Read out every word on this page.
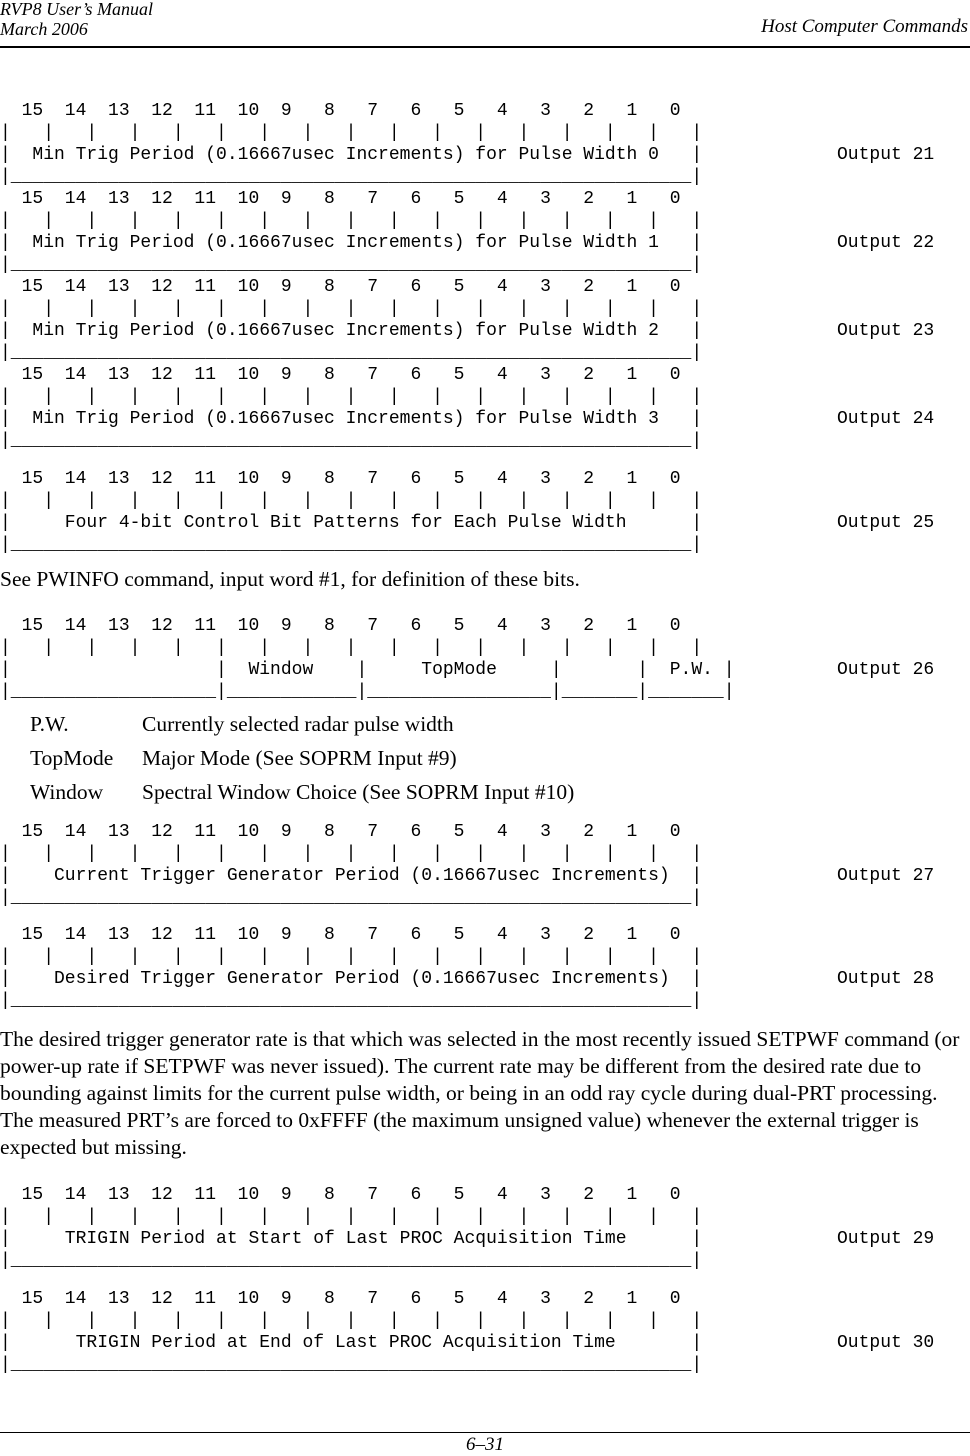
RVP8 User’s Manual
March 2006	Host Computer Commands
15  14  13  12  11  10  9   8   7   6   5   4   3   2   1   0
|   |   |   |   |   |   |   |   |   |   |   |   |   |   |   |   |
|  Min Trig Period (0.16667usec Increments) for Pulse Width 0   |
|_______________________________________________________________|
Output 21
15  14  13  12  11  10  9   8   7   6   5   4   3   2   1   0
|   |   |   |   |   |   |   |   |   |   |   |   |   |   |   |   |
|  Min Trig Period (0.16667usec Increments) for Pulse Width 1   |
|_______________________________________________________________|
Output 22
15  14  13  12  11  10  9   8   7   6   5   4   3   2   1   0
|   |   |   |   |   |   |   |   |   |   |   |   |   |   |   |   |
|  Min Trig Period (0.16667usec Increments) for Pulse Width 2   |
|_______________________________________________________________|
Output 23
15  14  13  12  11  10  9   8   7   6   5   4   3   2   1   0
|   |   |   |   |   |   |   |   |   |   |   |   |   |   |   |   |
|  Min Trig Period (0.16667usec Increments) for Pulse Width 3   |
|_______________________________________________________________|
Output 24
15  14  13  12  11  10  9   8   7   6   5   4   3   2   1   0
|   |   |   |   |   |   |   |   |   |   |   |   |   |   |   |   |
|     Four 4-bit Control Bit Patterns for Each Pulse Width      |
|_______________________________________________________________|
Output 25
See PWINFO command, input word #1, for definition of these bits.
15  14  13  12  11  10  9   8   7   6   5   4   3   2   1   0
|   |   |   |   |   |   |   |   |   |   |   |   |   |   |   |   |
|                   |  Window    |     TopMode     |       |  P.W. |
|___________________|____________|_________________|_______|_______|
Output 26
P.W.	Currently selected radar pulse width
TopMode Major Mode (See SOPRM Input #9)
Window Spectral Window Choice (See SOPRM Input #10)
15  14  13  12  11  10  9   8   7   6   5   4   3   2   1   0
|   |   |   |   |   |   |   |   |   |   |   |   |   |   |   |   |
|    Current Trigger Generator Period (0.16667usec Increments)  |
|_______________________________________________________________|
Output 27
15  14  13  12  11  10  9   8   7   6   5   4   3   2   1   0
|   |   |   |   |   |   |   |   |   |   |   |   |   |   |   |   |
|    Desired Trigger Generator Period (0.16667usec Increments)  |
|_______________________________________________________________|
Output 28
The desired trigger generator rate is that which was selected in the most recently issued SETPWF command (or power-up rate if SETPWF was never issued). The current rate may be different from the desired rate due to bounding against limits for the current pulse width, or being in an odd ray cycle during dual-PRT processing. The measured PRT’s are forced to 0xFFFF (the maximum unsigned value) whenever the external trigger is expected but missing.
15  14  13  12  11  10  9   8   7   6   5   4   3   2   1   0
|   |   |   |   |   |   |   |   |   |   |   |   |   |   |   |   |
|     TRIGIN Period at Start of Last PROC Acquisition Time      |
|_______________________________________________________________|
Output 29
15  14  13  12  11  10  9   8   7   6   5   4   3   2   1   0
|   |   |   |   |   |   |   |   |   |   |   |   |   |   |   |   |
|      TRIGIN Period at End of Last PROC Acquisition Time       |
|_______________________________________________________________|
Output 30
6–31
